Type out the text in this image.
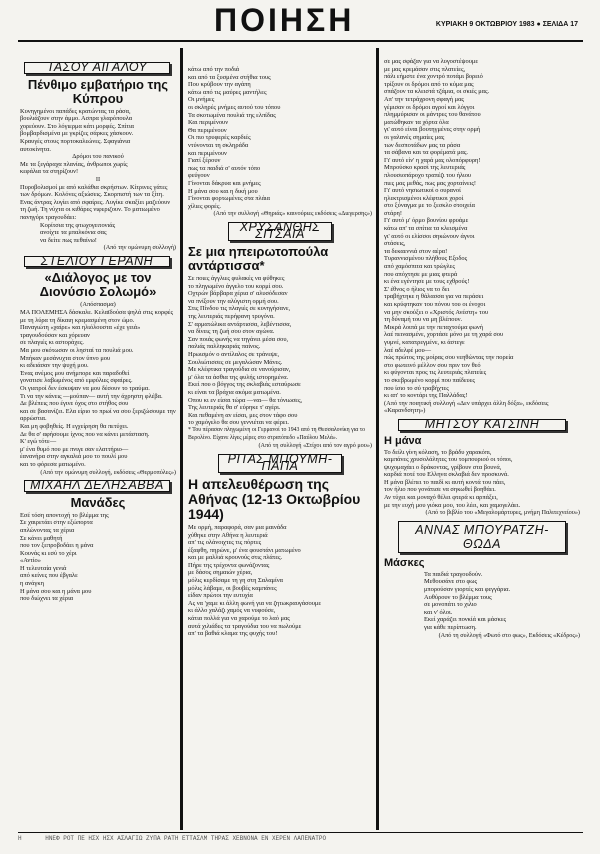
ΠΟΙΗΣΗ	ΚΥΡΙΑΚΗ 9 ΟΚΤΩΒΡΙΟΥ 1983 ● ΣΕΛΙΔΑ 17
ΤΑΣΟΥ ΑΙΓΑΛΟΥ
Πένθιμο εμβατήριο της Κύπρου

Κυνηγημένοι παπάδες κρατώντας τα ράσα,

βουλιάζουν στην άμμο. Ασπρα γλαρόπουλα

χορεύουν. Στο λόγιερμα κάτι μορφές. Σπίτια

βομβαρδισμένα με γκρίζες σάρκες χάσκουν.

Κραυγές στους πορτοκαλεώνες. Σφαγιάνια

αυτοκίνητα.

Δρόμοι του πανικού

Με τα ξεγάραχα πλανίας, άνθρωποι χωρίς

κεφάλια τα στηρίζουν!

II

Πυροβολισμοί με από καλάθια σκρήστων. Κίτρινες γάτες των δρόμων. Κολόνες αξιώσεις. Σκορπιστή των τα ξίτη.

Ενας άντρας λυγίει από σφαίρες. Λυγίκε σκαξίει μαζεύουν τη ζωή. Τη νύχτα οι κιθάρες νιφεριζουν. Το ματιωμένο πανηγύρι τραγουδάει:

Κορίτσια της φτωχογειτονιάς

ανοίχτε τα μπαλκόνια σας

να δείτε πως πεθαίνω!

(Από την ομώνυμη συλλογή)

ΣΤΕΛΙΟΥ ΓΕΡΑΝΗ
«Διάλογος με τον Διονύσιο Σολωμό»

(Απόσπασμα)

ΜΑ ΠΟΛΕΜΗΣΑ δάσκαλε. Κελαϊδούσα ψηλά στις κορφές

με τη λύρα τη δίκαιη κρεμασμένη στον ώμο.

Παναγιώτη «χαίρε» και ηλιόλουστα «έχε γειά»

τραγουδούσαν και χόρευαν

σε πλαγιές κι αστοράχες.

Μα μου σκότωσαν οι λησταί τα πουλιά μου.

Μπήκαν μεσάνυχτα στον ύπνο μου

κι αδειάσαν την ψυχή μου.

Ένας ανέμος μου ανήμπορε και παραδοθεί

γονατισε λαβωμένος από εμφύλιες σφαίρες.

Οι γιατροί δεν έσκυψαν να μου δέσουν το τραύμα.

Τι να την κάνεις —μούπαν— αυτή την άχρηστη φλέβα.

Δε βλέπεις που έγινε όχος στο στήθος σου

και σε βασανίζει. Ελα είριο το πρωί να σου ξεριζώσουμε την αρρώστια.

Και μη φοβηθείς. Η εγχείρηση θα πετύχει.

Δε θα σ' αφήσουμε ίχνος που να κάνει μετάσταση.

Κ' εγώ τότε—

μ' ένα θυμό που με πνιγε σαν ελαττήριο—

έανανήρα στην αγκαλιά μου το πουλί μου

και το φόρεσα ματωμένο.

(Από την ομώνυμη συλλογή, εκδόσεις «Θερμοπύλες»)

ΜΙΧΑΗΛ ΔΕΛΗΣΑΒΒΑ
Μανάδες

Εσέ τόση αποντοχή το βλέμμα της

Σε χαιρετάει στην εξώπορτα

απλώνοντας τα χέρια

Σε κάνει μαθητή

που τον ξεπροβοδάει η μάνα

Κουνάς κι εσύ το χέρι

«Αντίο»

Η τελευταία γενιά

από κείνες που έβγαλε

η ανάγκη

Η μάνα σου και η μάνα μου

που διώχνει τα χέρια

κάτω από την ποδιά

και από τα ξυσμένα στήθια τους

Που κρύβουν την αγάπη

κάτω από τις μαύρες μαντήλες

Οι μνήμες

οι σκληρές μνήμες αυτού του τόπου

Τα σκοτωμένα πουλιά της ελπίδας

Και περιμένουν

Θα περιμένουν

Οι πιο τρυφερές καρδιές

ντύνονται τη σκληράδα

και περιμένουν

Γιατί ξέρουν

πως τα παιδιά σ' αυτόν τόπο

φεύγουν

Γίνονται δάκρυα και μνήμες

Η μάνα σου και η δική μου

Γίνονται φορτωμένες στα πλάια

χίλιες φορές.

(Από την συλλογή «Θηριάς» καινούριες εκδόσεις «Διεγερσης»)

ΧΡΥΣΑΝΘΗΣ ΣΙΤΣΑΙΑ
Σε μια ηπειρωτοπούλα αντάρτισσα*

Σε ποιες άγγλιες φυλακές να φύθηκες

το πληγωμένο άγγελο του κορμί σου.

Οχτρών βάρβαρα χέρια σ' αλυσόδεσαν

να πνίξουν την αλύγιστη ορμή σου.

Στις Πίνδου τις πλαγιές σε κυνηγήσανε,

της λευτεριάς περήφανη τρυγόνα.

Σ' αρματώλικα αντάρτισσα, λεβέντισσα,

να δίνεις τη ζωή σου στον αγώνα.

Σαν ποιάς φωνής να τηγάνει μέσα σου,

παλιάς παλληκαριάς παίνος.

Ηρωισμόν ο αντίλαλος σε τράνεψε,

Σουλιώτισσες σε μεγαλώσαν Μάνες.

Με κλέφτικα τραγούδια σε νανούρισαν,

μ' όλα τα άσθια της φυλής ιστορημένα.

Εκεί που ο βόγγος της σκλαβιάς εσταύρωσε

κι είναι τα βράχια ακόμα ματωμένα.

Οπου κι εν είσαι τώρα —ναι— θα τόνιωσες,

Της λευτεριάς θα σ' εύρηκε τ' αγέρι.

Και πεθαμένη αν είσαι, μες στον τάφο σου

το χαμόγελο θα σου γεννιέται να φέρει.

* Του πέρασαν πληγωμένη οι Γερμανοί το 1943 από τη Θεσσαλονίκη για το Βερολίνο. Είχανε λίγες μέρες στο στρατόπεδο «Παύλου Μελά».

(Από τη συλλογή «Στίχοι από τον αγρό μου»)

ΡΙΤΑΣ ΜΠΟΥΜΗ-ΠΑΠΑ
Η απελευθέρωση της Αθήνας (12-13 Οκτωβρίου 1944)

Με ορμή, παραφορά, σαν μια μαινάδα

χύθηκε στην Αθήνα η λευτεριά

απ' τις ολάνοιχτες τις πόρτες

έξαφθη, πηρώνε, μ' ένα φουστάνι ματωμένο

και με μαλλιά κρουνούς στις πλάτες.

Πήρε της τρέχοντα φωνάζοντας

με δάσος σημαιών χέρια,

μόλις κερδίσαμε τη γη στη Σαλαμίνα

μόλις λάβαμε, οι βουβές καμπάνες

είδαν πρώτοι την ευτυχία

Ας να 'χαμε κι άλλη φωνή για να ζητωκραυγάσουμε

κι άλλο χαλάζι χαμός να νυφούσε,

κάτια πολλά για να χαρούμε το λαό μας

αυτά χιλιάδες τα τραγούδια του να πωλούμε

απ' τα βαθιά κλαμα της φυχής του!

σε μας σφάζαν για να λυγοστέψουμε

με μας κρεμάσαν στις πλατείες,

πάλι εήμστε ένα χοντρό ποτάμι βορειό

τρίξουν οι δρόμοι από το κύμα μας

σπάζουν τα κλειστά τζάμια, οι σκιές μας.

Απ' την τετράχρονη σφαγή μας

γέμισαν οι δρόμοι αγροί και λόγγοι

πλημμύρισαν οι μάντρες του θανάτου

ματώθηκαν τα χόρτα όλα

γι' αυτό είναι βουτηγμένες στην ορμή

οι γαλανές σημαίες μας

των δεσποτάδων μας τα ράσα

τα σάβανα και τα φορέματά μας.

Γι' αυτό είν' η χαρά μας ολοπόρφυρη!

Μπρούσκο κρασί της λευτεριάς

πλουσιοπάροχο τραπέζι του ήλιου

πιες μας μεθάς, πως μας χορταίνεις!

Γι' αυτό νησιωτικοί ο ουρανοί

ηλεκτρισμένοι κλέφτικοι χοροί

στο ξύναγμα με το ξεσκλο στοιχεία

στάρη!

Γι' αυτό μ' όρμο βουνίου φρυάμε

κάτω απ' τα σπίτια τα κλεισμένα

γι' αυτό οι ελίσσοι σηκώνουν άγνοι

στάσεις,

τα δεκαεννιά στον αέρα!

Τυραννισμένου πλήθους Εξοδος

από χαμόσπιτα και τρώγλες

που απόχτησε με μιας φτερά

κι ένα εγέντησε με τους εχθρούς!

Σ' έθνος ο ήλιος να το δει

τραβήχτηκε η θάλασσα για να περάσει

και κρύφτηκαν του πόνου του οι ένοχοι

να μην σκούξει ο «Χριστός Ανέστη» του

τη δύναμή του να μη βλέπουν.

Μικρά λοιπά με την πεταχτούμα φωνή

λαέ πεινασμένε, χορτάσε μόνο με τη χαρά σου

γυμνέ, κατατρεγμένε, κι άστεγε

λαέ αδελφέ μου—

πώς πρώτος της μοίρας σου νεηθώντας την πορεία

στο φωτεινό μέλλον σου πριν τον θεό

κι φύγονται προς τις λευτεριάς πλατείες

το σκεβρωμένο κορμί που παίδευες

που ίσιο το σύ τραβήχτες

κι απ' το κοντάρι της Παλλάδας!

(Από την ποιητική συλλογή «Δεν υπάρχει άλλη δόξα», εκδόσεις «Καρανδσητη»)

ΜΗΤΣΟΥ ΚΑΤΣΙΝΗ
Η μάνα

Το δείλι γίνη κόλαση, το βράδυ χαρακόπι,

καμπάνες χρυσολάλητες του τομπουριού οι τόποι,

ψυχομαχάει ο δράκοντας, γρίβουν στα βουνά,

καρδιά ποτέ του Ελληνα σκλαβιά δεν προσκυνά.

Η μάνα βλέπει το παιδί κι αυτή κοντά του πάει,

τον ήλιο που γονάτισε να σηκωθεί βοηθάει.

Αν τύχει και μοναχό θέλει φτερά κι αρπάξει,

με την ευχή μου γιόκα μου, του λέει, και χαμογελάει.

(Από το βιβλίο του «Μεγαλομάρτυρες, μνήμη Παλιτεχνείου»)

ΑΝΝΑΣ ΜΠΟΥΡΑΤΖΗ-ΘΩΔΑ
Μάσκες

Τα παιδιά τραγουδούν.

Μεθουσάνε στο φως

μπορούσαν γιορτές και φεγγάρια.

Αυθύρουν το βλέμμα τους

σε μονοπάτι το χιλιο

και ν' όλοι.

Εκεί χαράζει πονκίά και μάσκες

για κάθε περίπτωση.

(Από τη συλλογή «Φωτό στο φως», Εκδόσεις «Κέδρος»)

Η	ΗΝΕΦ ΡΟΤ ΠΕ ΗΣΧ ΗΣΧ ΑΣΛΑΓΙΩ ΖΥΠΑ ΡΑΤΗ ΕΤΤΑΣΛΜ ΤΗΡΑΣ ΧΕΒΝΟΝΑ ΕΝ ΧΕΡΕΝ ΛΑΠΕΝΑΤΡΟ
